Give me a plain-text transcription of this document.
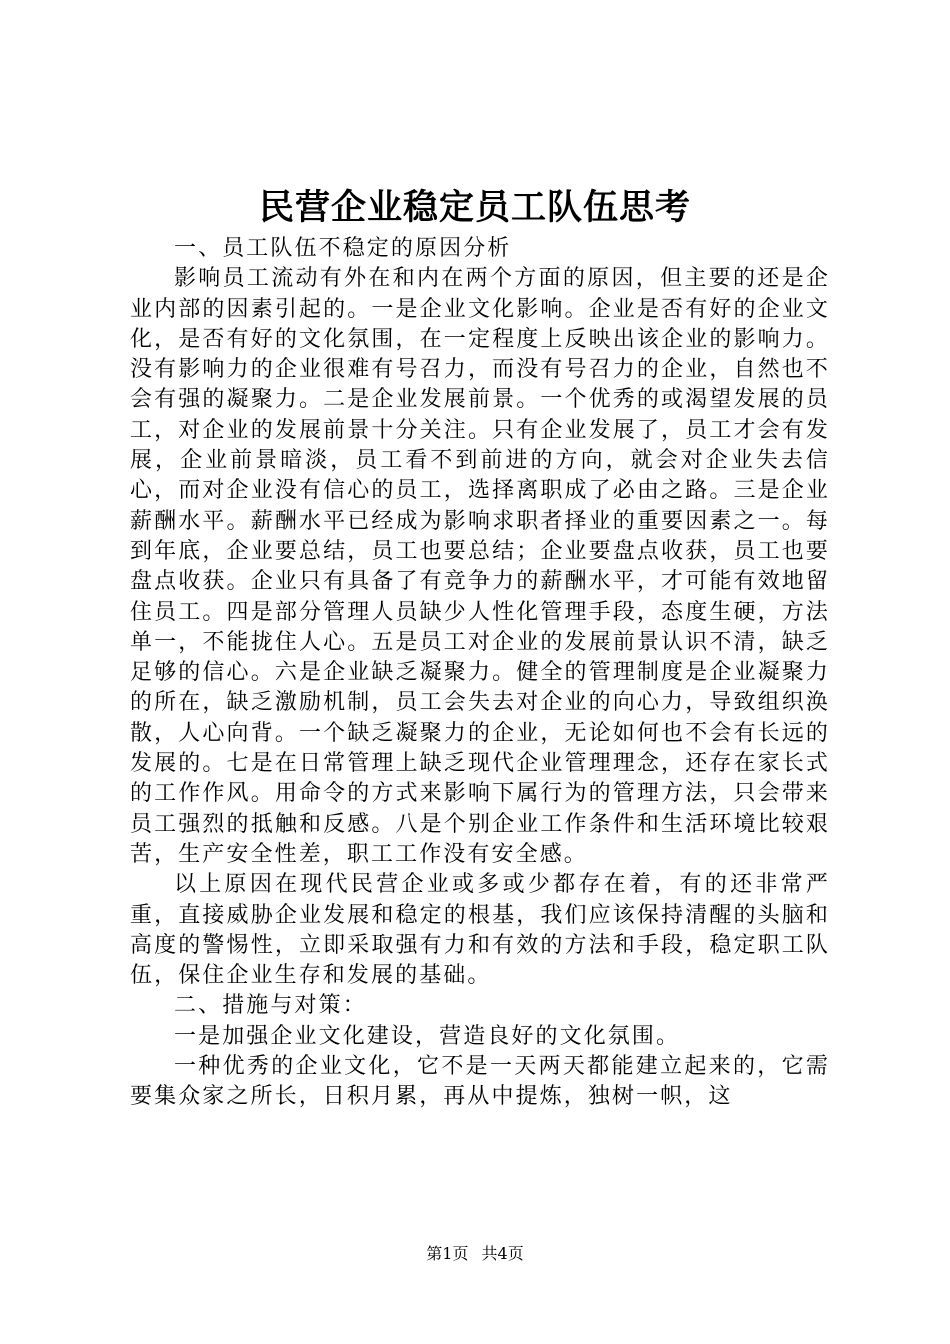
民营企业稳定员工队伍思考

一、员工队伍不稳定的原因分析

影响员工流动有外在和内在两个方面的原因，但主要的还是企业内部的因素引起的。一是企业文化影响。企业是否有好的企业文化，是否有好的文化氛围，在一定程度上反映出该企业的影响力。没有影响力的企业很难有号召力，而没有号召力的企业，自然也不会有强的凝聚力。二是企业发展前景。一个优秀的或渴望发展的员工，对企业的发展前景十分关注。只有企业发展了，员工才会有发展，企业前景暗淡，员工看不到前进的方向，就会对企业失去信心，而对企业没有信心的员工，选择离职成了必由之路。三是企业薪酬水平。薪酬水平已经成为影响求职者择业的重要因素之一。每到年底，企业要总结，员工也要总结；企业要盘点收获，员工也要盘点收获。企业只有具备了有竞争力的薪酬水平，才可能有效地留住员工。四是部分管理人员缺少人性化管理手段，态度生硬，方法单一，不能拢住人心。五是员工对企业的发展前景认识不清，缺乏足够的信心。六是企业缺乏凝聚力。健全的管理制度是企业凝聚力的所在，缺乏激励机制，员工会失去对企业的向心力，导致组织涣散，人心向背。一个缺乏凝聚力的企业，无论如何也不会有长远的发展的。七是在日常管理上缺乏现代企业管理理念，还存在家长式的工作作风。用命令的方式来影响下属行为的管理方法，只会带来员工强烈的抵触和反感。八是个别企业工作条件和生活环境比较艰苦，生产安全性差，职工工作没有安全感。

以上原因在现代民营企业或多或少都存在着，有的还非常严重，直接威胁企业发展和稳定的根基，我们应该保持清醒的头脑和高度的警惕性，立即采取强有力和有效的方法和手段，稳定职工队伍，保住企业生存和发展的基础。

二、措施与对策：

一是加强企业文化建设，营造良好的文化氛围。

一种优秀的企业文化，它不是一天两天都能建立起来的，它需要集众家之所长，日积月累，再从中提炼，独树一帜，这

第1页 共4页
